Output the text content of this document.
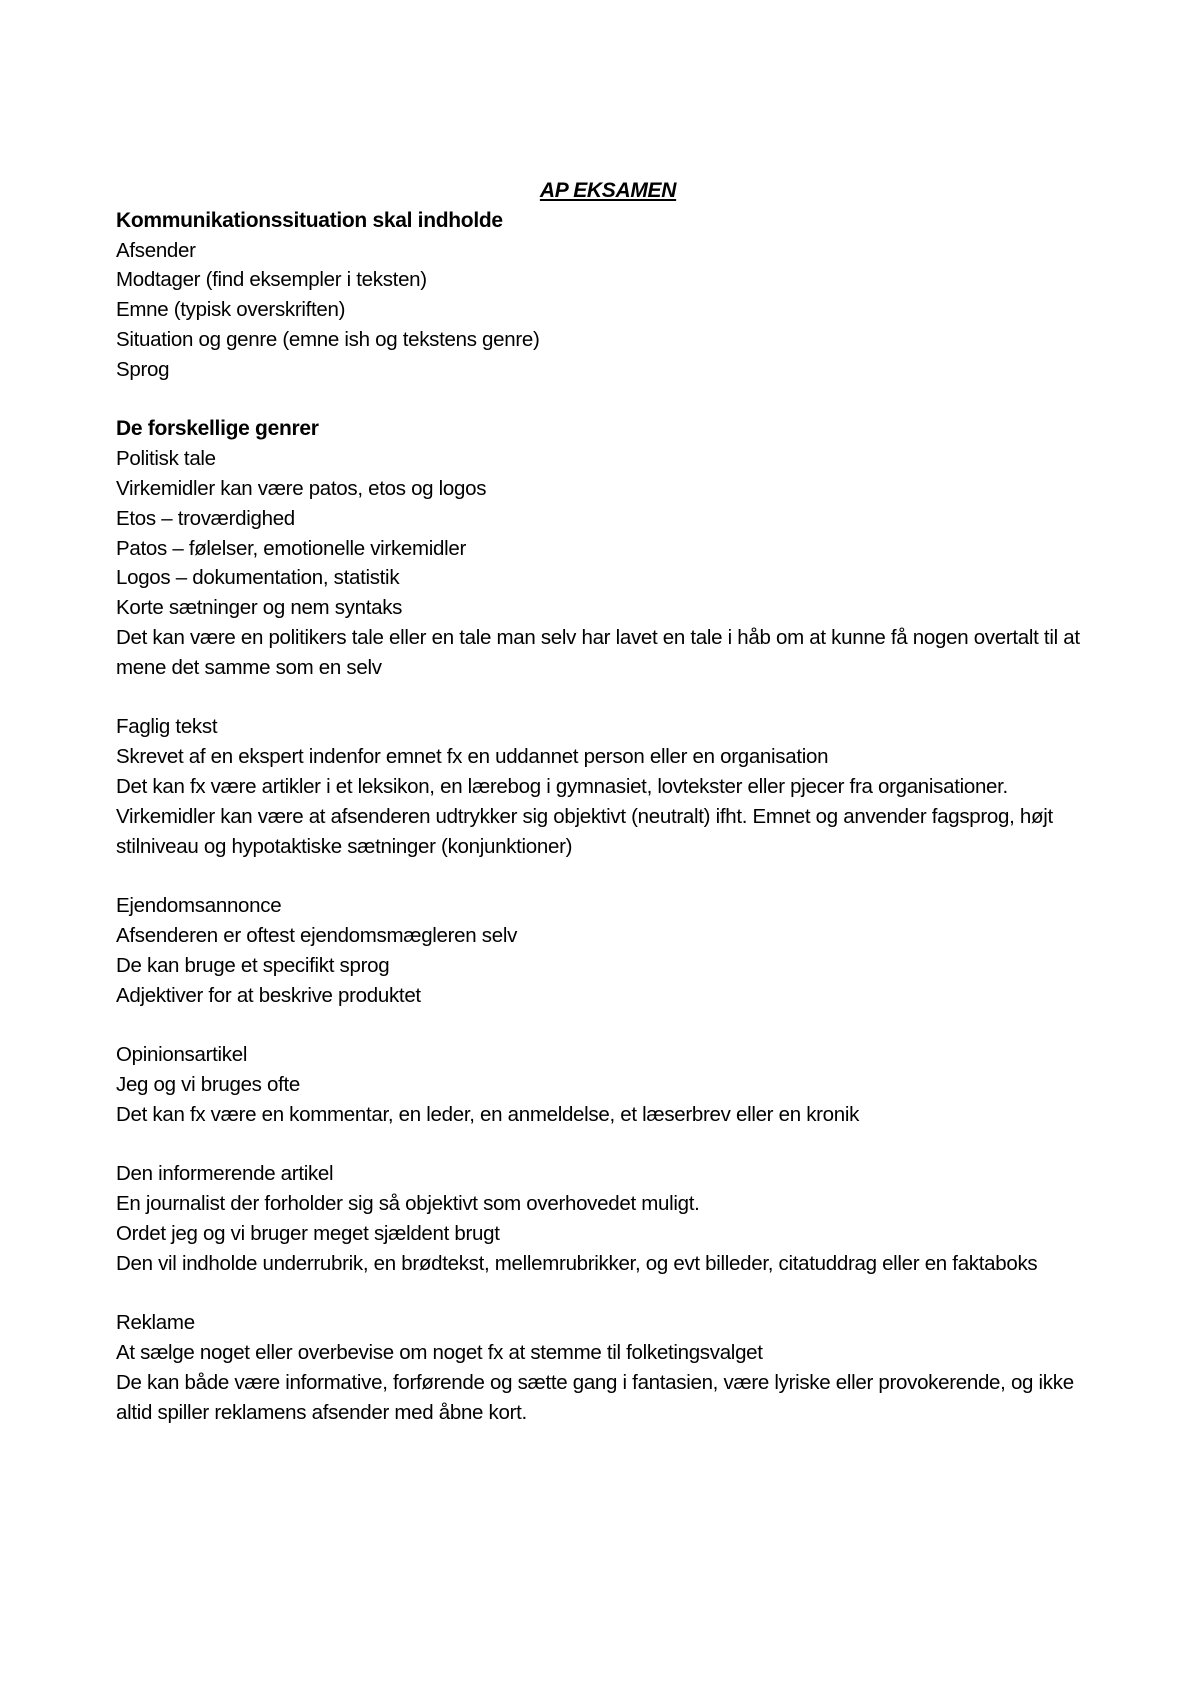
AP EKSAMEN

Kommunikationssituation skal indholde

Afsender

Modtager (find eksempler i teksten)

Emne (typisk overskriften)

Situation og genre (emne ish og tekstens genre)

Sprog

De forskellige genrer

Politisk tale

Virkemidler kan være patos, etos og logos

Etos – troværdighed

Patos – følelser, emotionelle virkemidler

Logos – dokumentation, statistik

Korte sætninger og nem syntaks

Det kan være en politikers tale eller en tale man selv har lavet en tale i håb om at kunne få nogen overtalt til at mene det samme som en selv

Faglig tekst

Skrevet af en ekspert indenfor emnet fx en uddannet person eller en organisation

Det kan fx være artikler i et leksikon, en lærebog i gymnasiet, lovtekster eller pjecer fra organisationer.

Virkemidler kan være at afsenderen udtrykker sig objektivt (neutralt) ifht. Emnet og anvender fagsprog, højt stilniveau og hypotaktiske sætninger (konjunktioner)

Ejendomsannonce

Afsenderen er oftest ejendomsmægleren selv

De kan bruge et specifikt sprog

Adjektiver for at beskrive produktet

Opinionsartikel

Jeg og vi bruges ofte

Det kan fx være en kommentar, en leder, en anmeldelse, et læserbrev eller en kronik

Den informerende artikel

En journalist der forholder sig så objektivt som overhovedet muligt.

Ordet jeg og vi bruger meget sjældent brugt

Den vil indholde underrubrik, en brødtekst, mellemrubrikker, og evt billeder, citatuddrag eller en faktaboks

Reklame

At sælge noget eller overbevise om noget fx at stemme til folketingsvalget

De kan både være informative, forførende og sætte gang i fantasien, være lyriske eller provokerende, og ikke altid spiller reklamens afsender med åbne kort.
